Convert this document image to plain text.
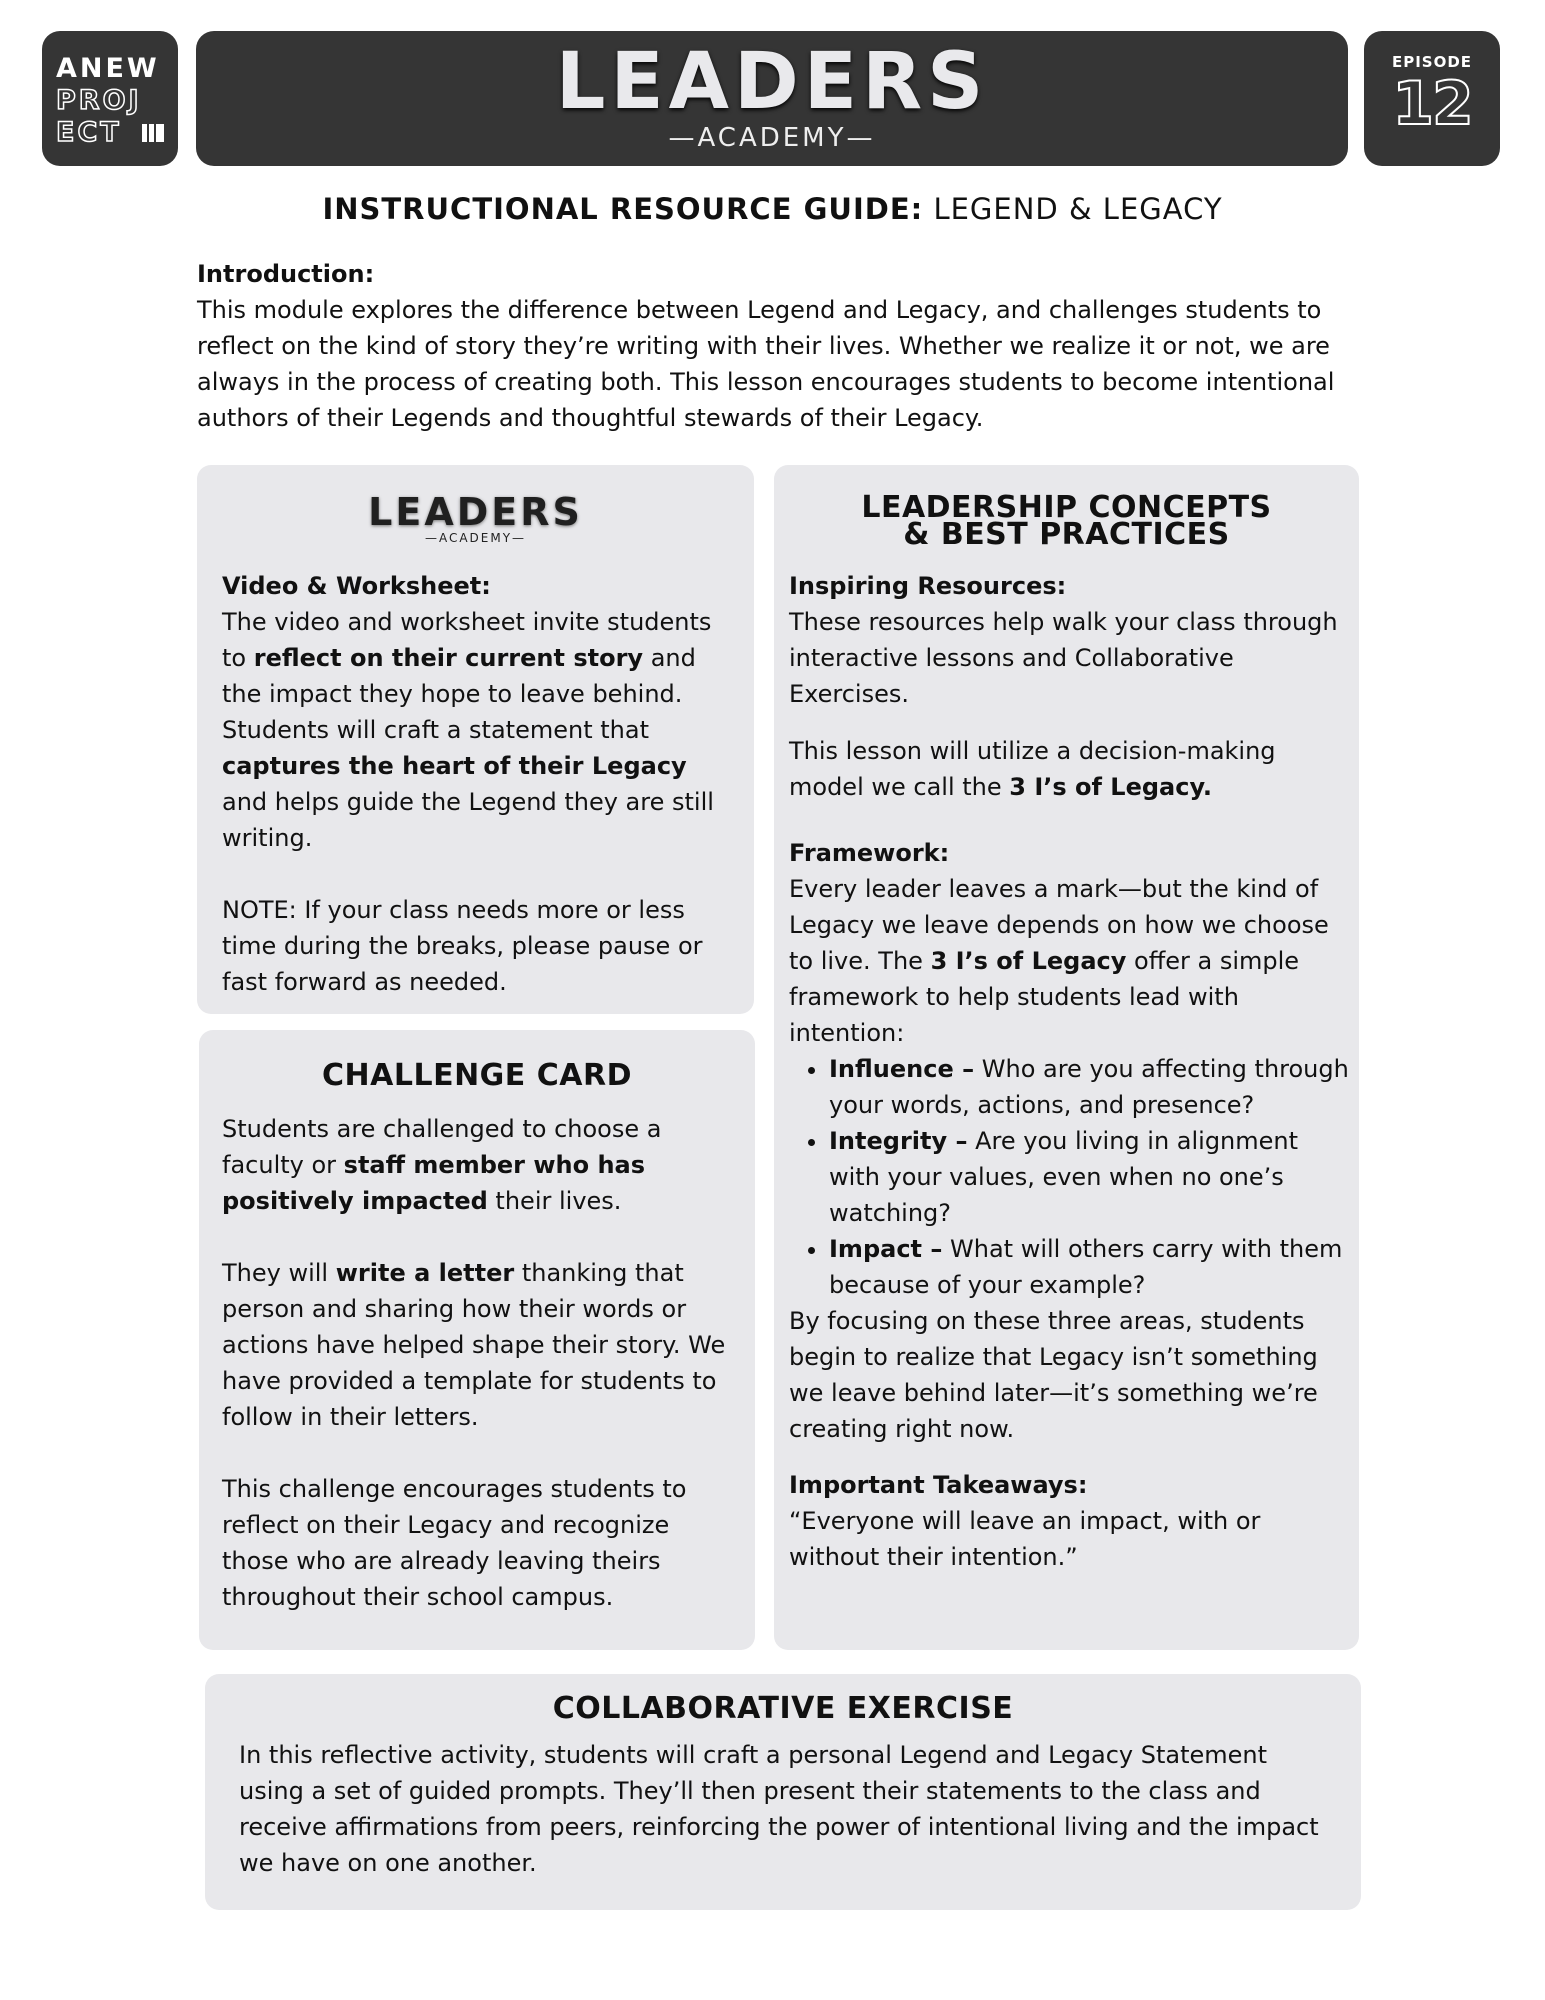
ANEW
PROJ
ECT
LEADERS
—ACADEMY—
EPISODE
12
INSTRUCTIONAL RESOURCE GUIDE: LEGEND & LEGACY
Introduction:
This module explores the difference between Legend and Legacy, and challenges students to reflect on the kind of story they’re writing with their lives. Whether we realize it or not, we are always in the process of creating both. This lesson encourages students to become intentional authors of their Legends and thoughtful stewards of their Legacy.
LEADERS
—ACADEMY—
Video & Worksheet:
The video and worksheet invite students to reflect on their current story and the impact they hope to leave behind. Students will craft a statement that captures the heart of their Legacy and helps guide the Legend they are still writing.
NOTE: If your class needs more or less time during the breaks, please pause or fast forward as needed.
CHALLENGE CARD
Students are challenged to choose a faculty or staff member who has positively impacted their lives.
They will write a letter thanking that person and sharing how their words or actions have helped shape their story. We have provided a template for students to follow in their letters.
This challenge encourages students to reflect on their Legacy and recognize those who are already leaving theirs throughout their school campus.
LEADERSHIP CONCEPTS
& BEST PRACTICES
Inspiring Resources:
These resources help walk your class through interactive lessons and Collaborative Exercises.
This lesson will utilize a decision-making model we call the 3 I’s of Legacy.
Framework:
Every leader leaves a mark—but the kind of Legacy we leave depends on how we choose to live. The 3 I’s of Legacy offer a simple framework to help students lead with intention:
• Influence – Who are you affecting through your words, actions, and presence?
• Integrity – Are you living in alignment with your values, even when no one’s watching?
• Impact – What will others carry with them because of your example?
By focusing on these three areas, students begin to realize that Legacy isn’t something we leave behind later—it’s something we’re creating right now.
Important Takeaways:
“Everyone will leave an impact, with or without their intention.”
COLLABORATIVE EXERCISE
In this reflective activity, students will craft a personal Legend and Legacy Statement using a set of guided prompts. They’ll then present their statements to the class and receive affirmations from peers, reinforcing the power of intentional living and the impact we have on one another.
